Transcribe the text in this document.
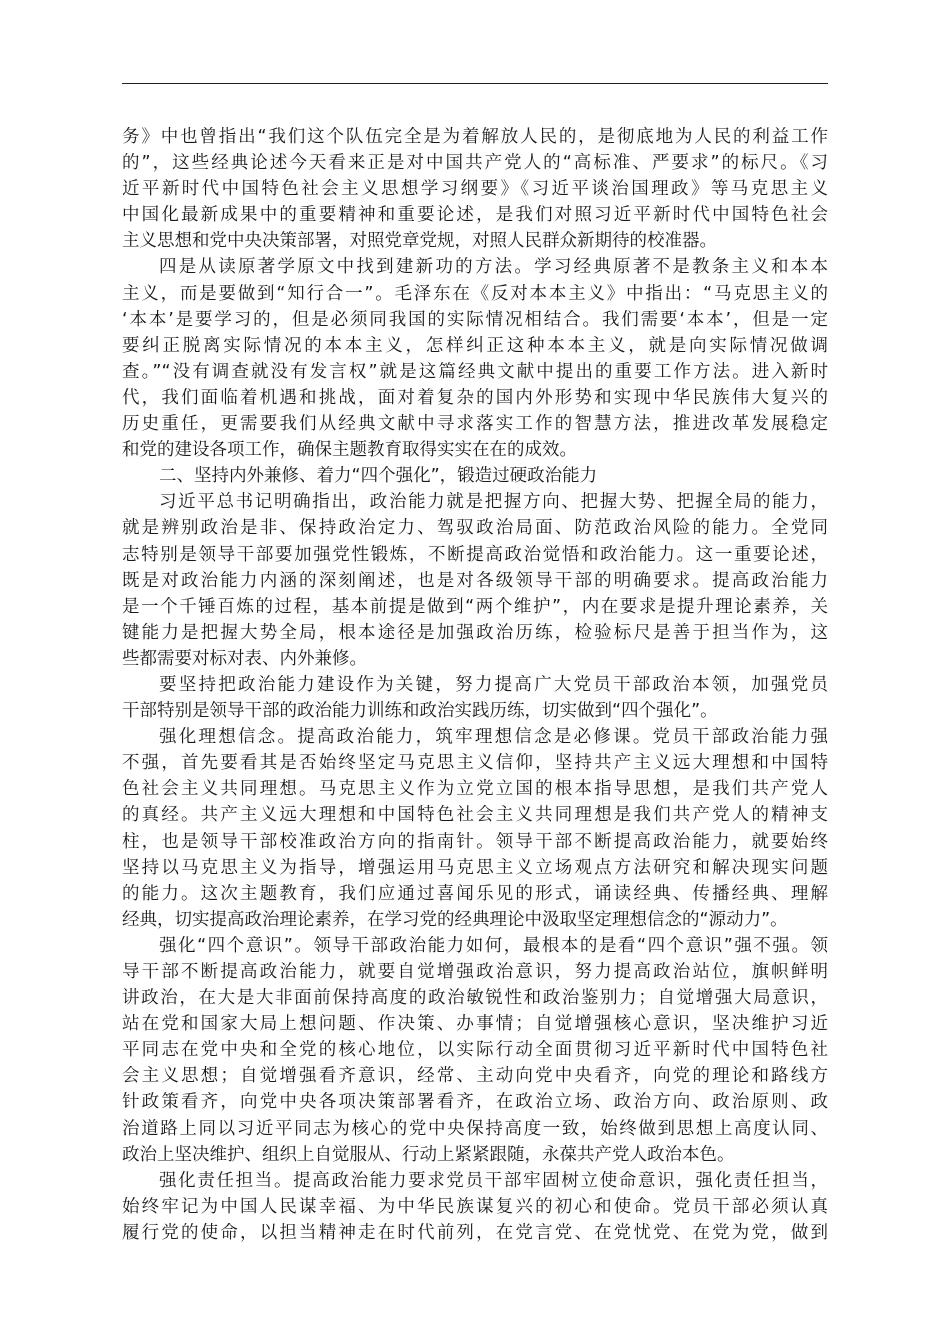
务》中也曾指出“我们这个队伍完全是为着解放人民的，是彻底地为人民的利益工作
的”，这些经典论述今天看来正是对中国共产党人的“高标准、严要求”的标尺。《习
近平新时代中国特色社会主义思想学习纲要》《习近平谈治国理政》等马克思主义
中国化最新成果中的重要精神和重要论述，是我们对照习近平新时代中国特色社会
主义思想和党中央决策部署，对照党章党规，对照人民群众新期待的校准器。
四是从读原著学原文中找到建新功的方法。学习经典原著不是教条主义和本本
主义，而是要做到“知行合一”。毛泽东在《反对本本主义》中指出：“马克思主义的
‘本本’是要学习的，但是必须同我国的实际情况相结合。我们需要‘本本’，但是一定
要纠正脱离实际情况的本本主义，怎样纠正这种本本主义，就是向实际情况做调
查。”“没有调查就没有发言权”就是这篇经典文献中提出的重要工作方法。进入新时
代，我们面临着机遇和挑战，面对着复杂的国内外形势和实现中华民族伟大复兴的
历史重任，更需要我们从经典文献中寻求落实工作的智慧方法，推进改革发展稳定
和党的建设各项工作，确保主题教育取得实实在在的成效。
二、坚持内外兼修、着力“四个强化”，锻造过硬政治能力
习近平总书记明确指出，政治能力就是把握方向、把握大势、把握全局的能力，
就是辨别政治是非、保持政治定力、驾驭政治局面、防范政治风险的能力。全党同
志特别是领导干部要加强党性锻炼，不断提高政治觉悟和政治能力。这一重要论述，
既是对政治能力内涵的深刻阐述，也是对各级领导干部的明确要求。提高政治能力
是一个千锤百炼的过程，基本前提是做到“两个维护”，内在要求是提升理论素养，关
键能力是把握大势全局，根本途径是加强政治历练，检验标尺是善于担当作为，这
些都需要对标对表、内外兼修。
要坚持把政治能力建设作为关键，努力提高广大党员干部政治本领，加强党员
干部特别是领导干部的政治能力训练和政治实践历练，切实做到“四个强化”。
强化理想信念。提高政治能力，筑牢理想信念是必修课。党员干部政治能力强
不强，首先要看其是否始终坚定马克思主义信仰，坚持共产主义远大理想和中国特
色社会主义共同理想。马克思主义作为立党立国的根本指导思想，是我们共产党人
的真经。共产主义远大理想和中国特色社会主义共同理想是我们共产党人的精神支
柱，也是领导干部校准政治方向的指南针。领导干部不断提高政治能力，就要始终
坚持以马克思主义为指导，增强运用马克思主义立场观点方法研究和解决现实问题
的能力。这次主题教育，我们应通过喜闻乐见的形式，诵读经典、传播经典、理解
经典，切实提高政治理论素养，在学习党的经典理论中汲取坚定理想信念的“源动力”。
强化“四个意识”。领导干部政治能力如何，最根本的是看“四个意识”强不强。领
导干部不断提高政治能力，就要自觉增强政治意识，努力提高政治站位，旗帜鲜明
讲政治，在大是大非面前保持高度的政治敏锐性和政治鉴别力；自觉增强大局意识，
站在党和国家大局上想问题、作决策、办事情；自觉增强核心意识，坚决维护习近
平同志在党中央和全党的核心地位，以实际行动全面贯彻习近平新时代中国特色社
会主义思想；自觉增强看齐意识，经常、主动向党中央看齐，向党的理论和路线方
针政策看齐，向党中央各项决策部署看齐，在政治立场、政治方向、政治原则、政
治道路上同以习近平同志为核心的党中央保持高度一致，始终做到思想上高度认同、
政治上坚决维护、组织上自觉服从、行动上紧紧跟随，永葆共产党人政治本色。
强化责任担当。提高政治能力要求党员干部牢固树立使命意识，强化责任担当，
始终牢记为中国人民谋幸福、为中华民族谋复兴的初心和使命。党员干部必须认真
履行党的使命，以担当精神走在时代前列，在党言党、在党忧党、在党为党，做到
